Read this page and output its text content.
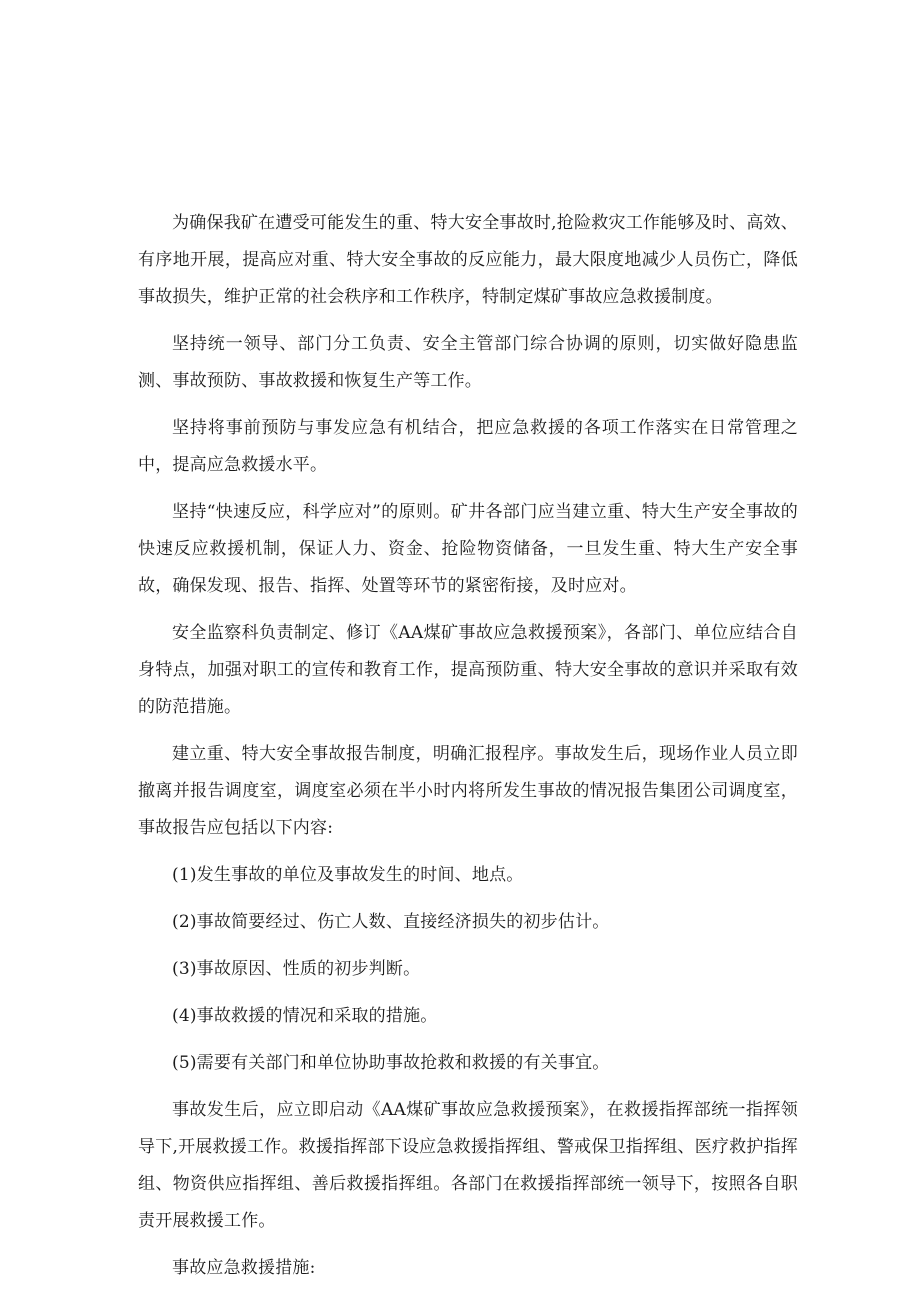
为确保我矿在遭受可能发生的重、特大安全事故时,抢险救灾工作能够及时、高效、有序地开展，提高应对重、特大安全事故的反应能力，最大限度地减少人员伤亡，降低事故损失，维护正常的社会秩序和工作秩序，特制定煤矿事故应急救援制度。

坚持统一领导、部门分工负责、安全主管部门综合协调的原则，切实做好隐患监测、事故预防、事故救援和恢复生产等工作。

坚持将事前预防与事发应急有机结合，把应急救援的各项工作落实在日常管理之中，提高应急救援水平。

坚持“快速反应，科学应对”的原则。矿井各部门应当建立重、特大生产安全事故的快速反应救援机制，保证人力、资金、抢险物资储备，一旦发生重、特大生产安全事故，确保发现、报告、指挥、处置等环节的紧密衔接，及时应对。

安全监察科负责制定、修订《AA煤矿事故应急救援预案》，各部门、单位应结合自身特点，加强对职工的宣传和教育工作，提高预防重、特大安全事故的意识并采取有效的防范措施。

建立重、特大安全事故报告制度，明确汇报程序。事故发生后，现场作业人员立即撤离并报告调度室，调度室必须在半小时内将所发生事故的情况报告集团公司调度室，事故报告应包括以下内容:

(1)发生事故的单位及事故发生的时间、地点。

(2)事故简要经过、伤亡人数、直接经济损失的初步估计。

(3)事故原因、性质的初步判断。

(4)事故救援的情况和采取的措施。

(5)需要有关部门和单位协助事故抢救和救援的有关事宜。

事故发生后，应立即启动《AA煤矿事故应急救援预案》，在救援指挥部统一指挥领导下,开展救援工作。救援指挥部下设应急救援指挥组、警戒保卫指挥组、医疗救护指挥组、物资供应指挥组、善后救援指挥组。各部门在救援指挥部统一领导下，按照各自职责开展救援工作。

事故应急救援措施:
